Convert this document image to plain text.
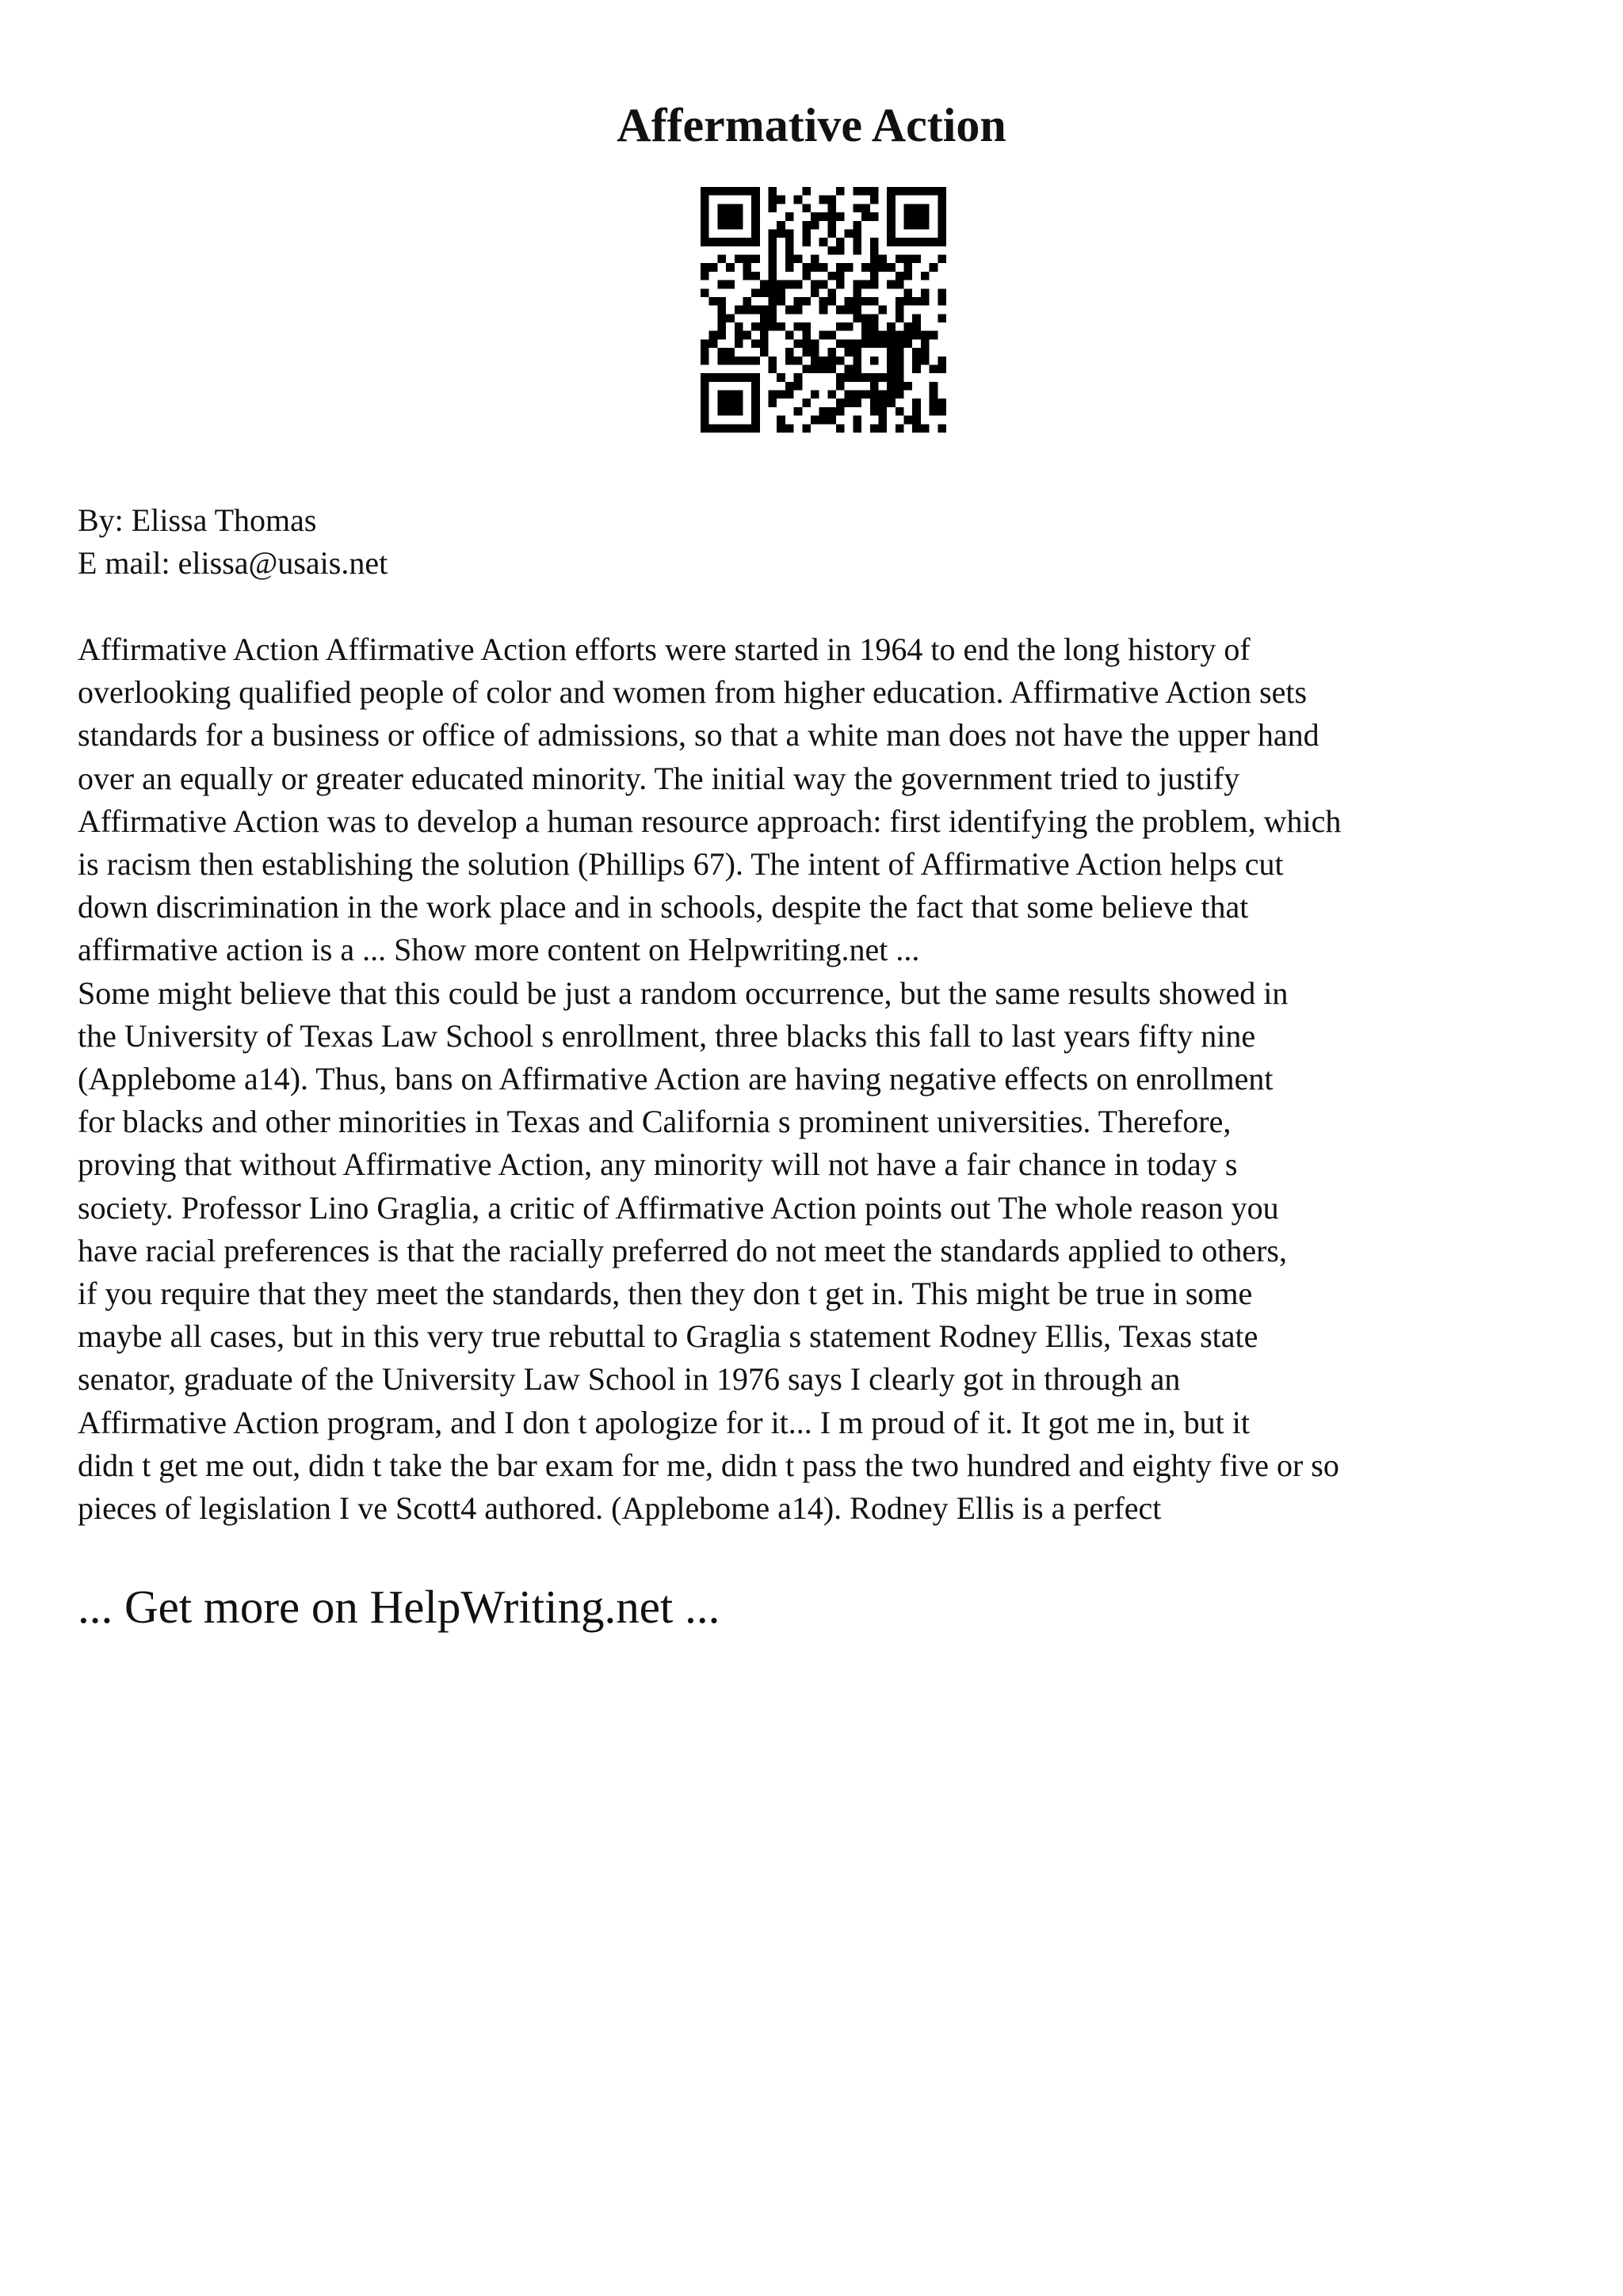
Affermative Action
By: Elissa Thomas
E mail: elissa@usais.net
Affirmative Action Affirmative Action efforts were started in 1964 to end the long history of
overlooking qualified people of color and women from higher education. Affirmative Action sets
standards for a business or office of admissions, so that a white man does not have the upper hand
over an equally or greater educated minority. The initial way the government tried to justify
Affirmative Action was to develop a human resource approach: first identifying the problem, which
is racism then establishing the solution (Phillips 67). The intent of Affirmative Action helps cut
down discrimination in the work place and in schools, despite the fact that some believe that
affirmative action is a ... Show more content on Helpwriting.net ...
Some might believe that this could be just a random occurrence, but the same results showed in
the University of Texas Law School s enrollment, three blacks this fall to last years fifty nine
(Applebome a14). Thus, bans on Affirmative Action are having negative effects on enrollment
for blacks and other minorities in Texas and California s prominent universities. Therefore,
proving that without Affirmative Action, any minority will not have a fair chance in today s
society. Professor Lino Graglia, a critic of Affirmative Action points out The whole reason you
have racial preferences is that the racially preferred do not meet the standards applied to others,
if you require that they meet the standards, then they don t get in. This might be true in some
maybe all cases, but in this very true rebuttal to Graglia s statement Rodney Ellis, Texas state
senator, graduate of the University Law School in 1976 says I clearly got in through an
Affirmative Action program, and I don t apologize for it... I m proud of it. It got me in, but it
didn t get me out, didn t take the bar exam for me, didn t pass the two hundred and eighty five or so
pieces of legislation I ve Scott4 authored. (Applebome a14). Rodney Ellis is a perfect
... Get more on HelpWriting.net ...
